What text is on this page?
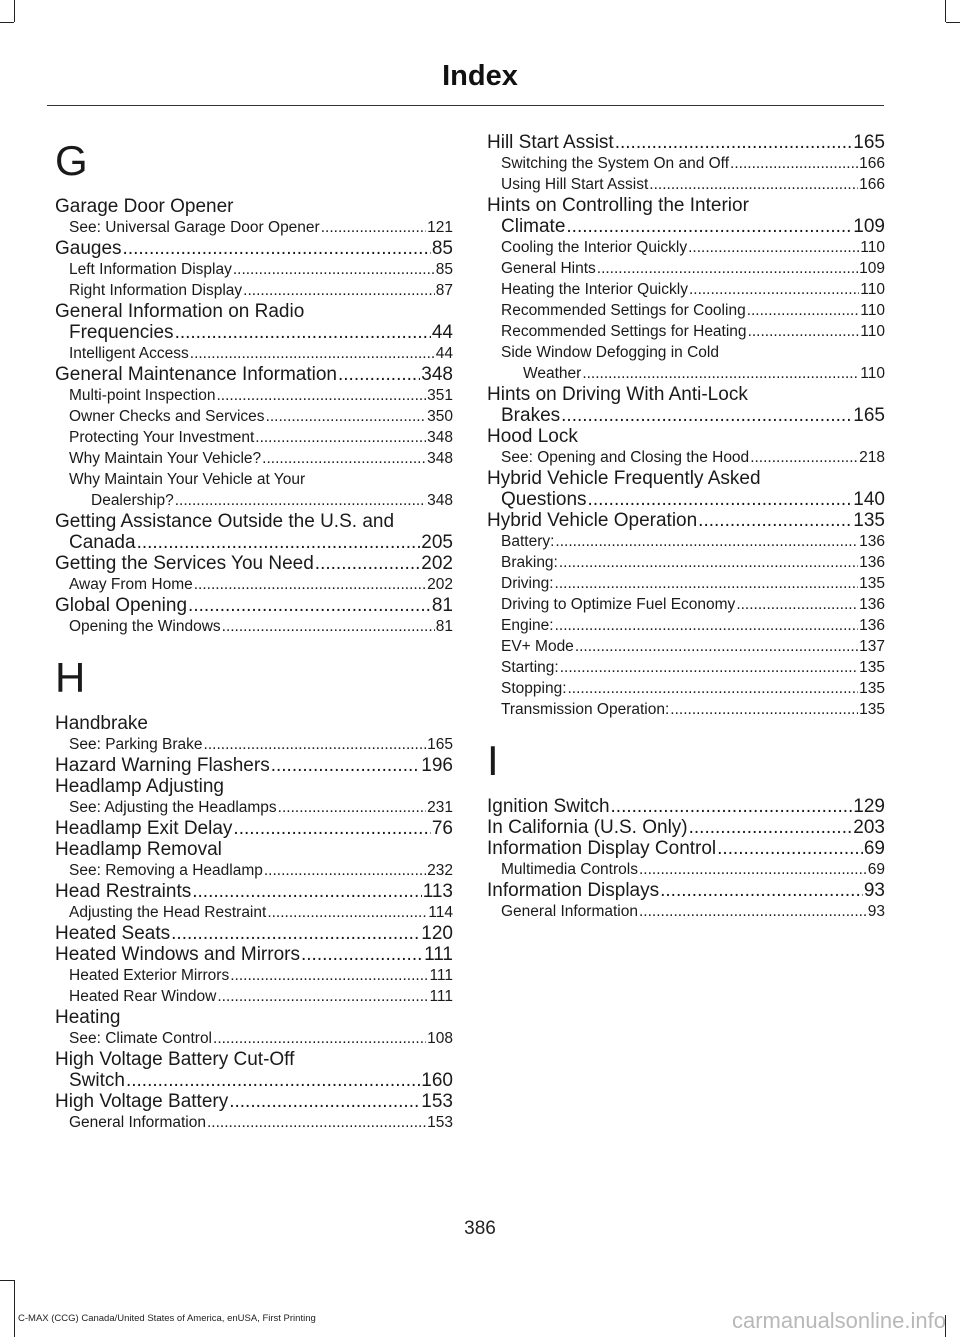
Index
G
Garage Door Opener
See: Universal Garage Door Opener .....	121
Gauges .....	85
Left Information Display .....	85
Right Information Display .....	87
General Information on Radio
Frequencies .....	44
Intelligent Access .....	44
General Maintenance Information .....	348
Multi-point Inspection .....	351
Owner Checks and Services .....	350
Protecting Your Investment .....	348
Why Maintain Your Vehicle? .....	348
Why Maintain Your Vehicle at Your
Dealership? .....	348
Getting Assistance Outside the U.S. and
Canada .....	205
Getting the Services You Need .....	202
Away From Home .....	202
Global Opening .....	81
Opening the Windows .....	81
H
Handbrake
See: Parking Brake .....	165
Hazard Warning Flashers .....	196
Headlamp Adjusting
See: Adjusting the Headlamps .....	231
Headlamp Exit Delay .....	76
Headlamp Removal
See: Removing a Headlamp .....	232
Head Restraints .....	113
Adjusting the Head Restraint .....	114
Heated Seats .....	120
Heated Windows and Mirrors .....	111
Heated Exterior Mirrors .....	111
Heated Rear Window .....	111
Heating
See: Climate Control .....	108
High Voltage Battery Cut-Off
Switch .....	160
High Voltage Battery .....	153
General Information .....	153
Hill Start Assist .....	165
Switching the System On and Off .....	166
Using Hill Start Assist .....	166
Hints on Controlling the Interior
Climate .....	109
Cooling the Interior Quickly .....	110
General Hints .....	109
Heating the Interior Quickly .....	110
Recommended Settings for Cooling .....	110
Recommended Settings for Heating .....	110
Side Window Defogging in Cold
Weather .....	110
Hints on Driving With Anti-Lock
Brakes .....	165
Hood Lock
See: Opening and Closing the Hood .....	218
Hybrid Vehicle Frequently Asked
Questions .....	140
Hybrid Vehicle Operation .....	135
Battery: .....	136
Braking: .....	136
Driving: .....	135
Driving to Optimize Fuel Economy .....	136
Engine: .....	136
EV+ Mode .....	137
Starting: .....	135
Stopping: .....	135
Transmission Operation: .....	135
I
Ignition Switch .....	129
In California (U.S. Only) .....	203
Information Display Control .....	69
Multimedia Controls .....	69
Information Displays .....	93
General Information .....	93
386
C-MAX (CCG) Canada/United States of America, enUSA, First Printing	carmanualsonline.info
